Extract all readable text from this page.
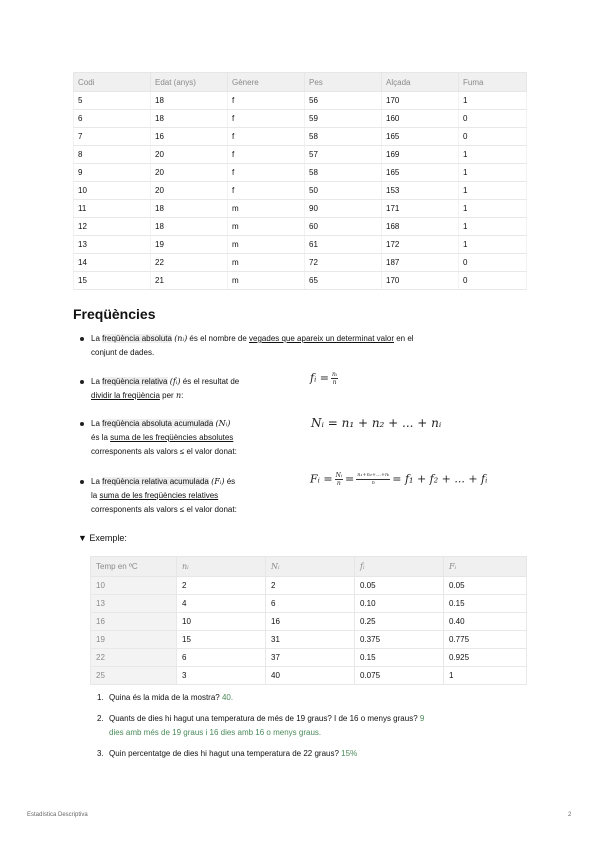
Codi	Edat (anys)	Gènere	Pes	Alçada	Fuma
5	18	f	56	170	1
6	18	f	59	160	0
7	16	f	58	165	0
8	20	f	57	169	1
9	20	f	58	165	1
10	20	f	50	153	1
11	18	m	90	171	1
12	18	m	60	168	1
13	19	m	61	172	1
14	22	m	72	187	0
15	21	m	65	170	0
Freqüències
La freqüència absoluta (nᵢ) és el nombre de vegades que apareix un determinat valor en el
conjunt de dades.
La freqüència relativa (fᵢ) és el resultat de
dividir la freqüència per n:
fᵢ = $\frac{\text{nᵢ}}{n}$
La freqüència absoluta acumulada (Nᵢ)
és la suma de les freqüències absolutes
corresponents als valors ≤ el valor donat:
Nᵢ = n₁ + n₂ + ... + nᵢ
La freqüència relativa acumulada (Fᵢ) és
la suma de les freqüències relatives
corresponents als valors ≤ el valor donat:
Fᵢ = $\frac{\text{Nᵢ}}{n} = \frac{\text{n₁+n₂+...+nᵢ}}{n} = f_1 + f_2$ + ... + fᵢ
▼ Exemple:
Temp en ºC	nᵢ	Nᵢ	fᵢ	Fᵢ
10	2	2	0.05	0.05
13	4	6	0.10	0.15
16	10	16	0.25	0.40
19	15	31	0.375	0.775
22	6	37	0.15	0.925
25	3	40	0.075	1
1. Quina és la mida de la mostra? 40.
2. Quants de dies hi hagut una temperatura de més de 19 graus? I de 16 o menys graus? 9
dies amb més de 19 graus i 16 dies amb 16 o menys graus.
3. Quin percentatge de dies hi hagut una temperatura de 22 graus? 15%
Estadística Descriptiva	2
